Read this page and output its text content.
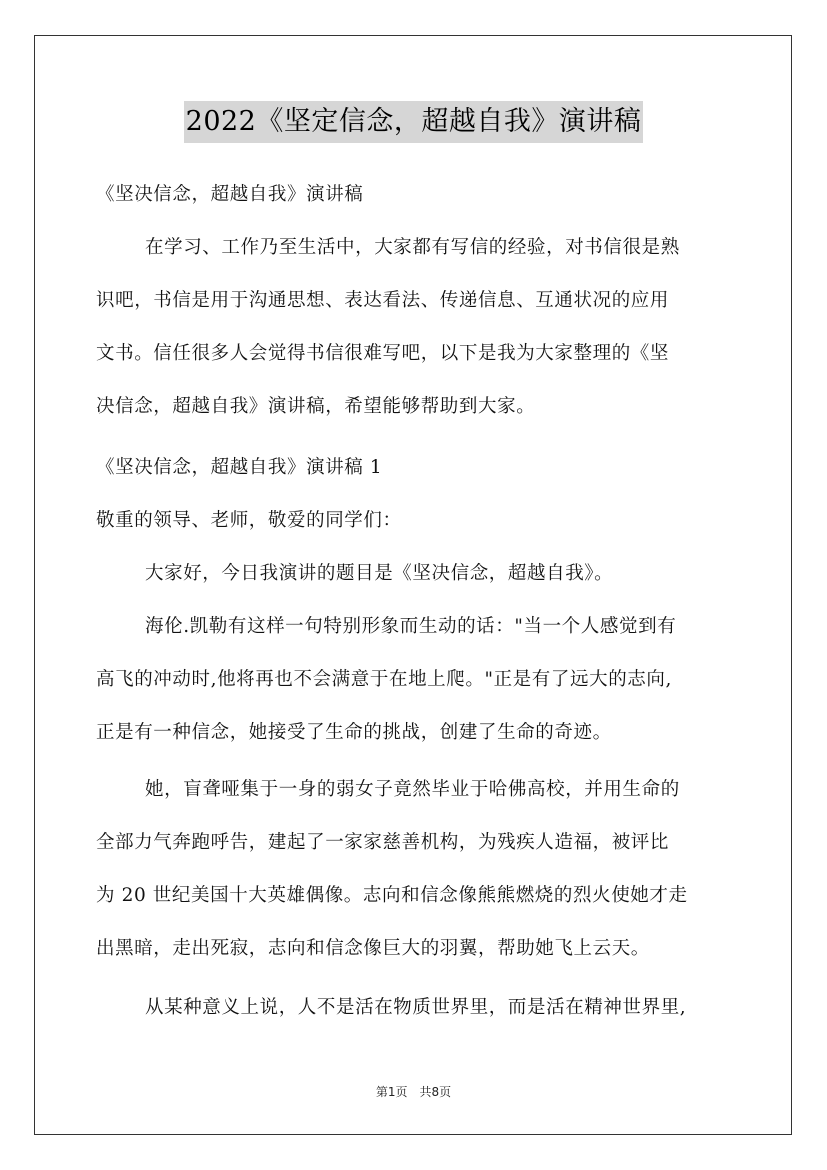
2022《坚定信念，超越自我》演讲稿
《坚决信念，超越自我》演讲稿
在学习、工作乃至生活中，大家都有写信的经验，对书信很是熟
识吧，书信是用于沟通思想、表达看法、传递信息、互通状况的应用
文书。信任很多人会觉得书信很难写吧，以下是我为大家整理的《坚
决信念，超越自我》演讲稿，希望能够帮助到大家。
《坚决信念，超越自我》演讲稿 1
敬重的领导、老师，敬爱的同学们：
大家好，今日我演讲的题目是《坚决信念，超越自我》。
海伦.凯勒有这样一句特别形象而生动的话："当一个人感觉到有
高飞的冲动时,他将再也不会满意于在地上爬。"正是有了远大的志向,
正是有一种信念，她接受了生命的挑战，创建了生命的奇迹。
她，盲聋哑集于一身的弱女子竟然毕业于哈佛高校，并用生命的
全部力气奔跑呼告，建起了一家家慈善机构，为残疾人造福，被评比
为 20 世纪美国十大英雄偶像。志向和信念像熊熊燃烧的烈火使她才走
出黑暗，走出死寂，志向和信念像巨大的羽翼，帮助她飞上云天。
从某种意义上说，人不是活在物质世界里，而是活在精神世界里,
第1页　共8页
